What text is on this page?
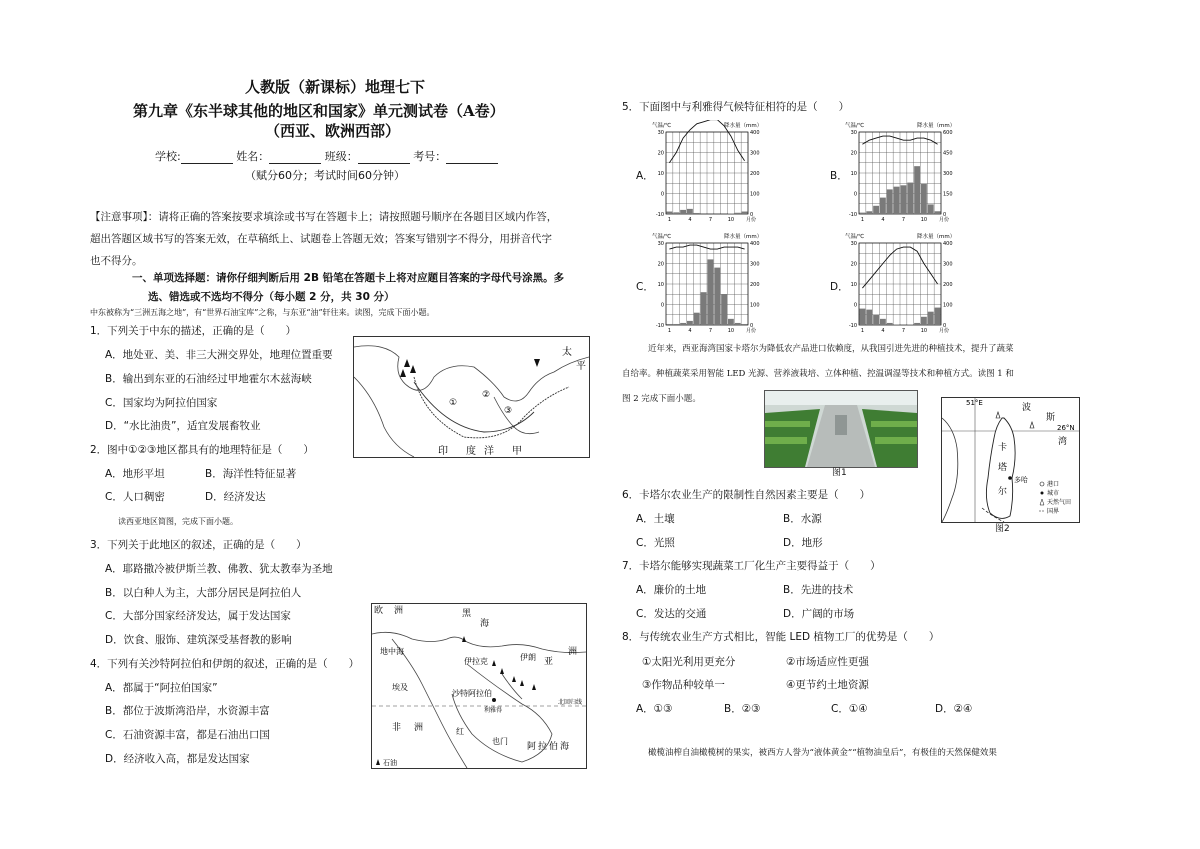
人教版（新课标）地理七下
第九章《东半球其他的地区和国家》单元测试卷（A卷）
（西亚、欧洲西部）
学校:	姓名：	班级：	考号：
（赋分60分；考试时间60分钟）
【注意事项】：请将正确的答案按要求填涂或书写在答题卡上；请按照题号顺序在各题目区域内作答，超出答题区域书写的答案无效，在草稿纸上、试题卷上答题无效；答案写错别字不得分，用拼音代字也不得分。
一、单项选择题：请你仔细判断后用 2B 铅笔在答题卡上将对应题目答案的字母代号涂黑。多
选、错选或不选均不得分（每小题 2 分，共 30 分）
中东被称为“三洲五海之地”，有“世界石油宝库”之称，与东亚“油”轩往来。读图，完成下面小题。
1．下列关于中东的描述，正确的是（　　）
A．地处亚、美、非三大洲交界处，地理位置重要
B．输出到东亚的石油经过甲地霍尔木兹海峡
C．国家均为阿拉伯国家
D．“水比油贵”，适宜发展畜牧业
2．图中①②③地区都具有的地理特征是（　　）
A．地形平坦	B．海洋性特征显著
C．人口稠密	D．经济发达
读西亚地区简图，完成下面小题。
3．下列关于此地区的叙述，正确的是（　　）
A．耶路撒冷被伊斯兰教、佛教、犹太教奉为圣地
B．以白种人为主，大部分居民是阿拉伯人
C．大部分国家经济发达，属于发达国家
D．饮食、服饰、建筑深受基督教的影响
4．下列有关沙特阿拉伯和伊朗的叙述，正确的是（　　）
A．都属于“阿拉伯国家”
B．都位于波斯湾沿岸，水资源丰富
C．石油资源丰富，都是石油出口国
D．经济收入高，都是发达国家
太
平
①
②
③
印 度 洋 甲
欧 洲	黑
海
地中海
伊拉克	伊朗 亚
洲
埃及
沙特阿拉伯
利雅得
北回归线
非 洲
也门
阿 拉 伯 海
红
石油
5．下面图中与利雅得气候特征相符的是（　　）
A．	B．
C．	D．
气温/℃	降水量（mm）
-10
0
10
20
30
0
100
200
300
400
1	4	7	10 月份
气温/℃	降水量（mm）
-10
0
10
20
30
0
150
300
450
600
1	4	7	10 月份
气温/℃	降水量（mm）
-10
0
10
20
30
0
100
200
300
400
1	4	7	10 月份
气温/℃	降水量（mm）
-10
0
10
20
30
0
100
200
300
400
1	4	7	10 月份
近年来，西亚海湾国家卡塔尔为降低农产品进口依赖度，从我国引进先进的种植技术，提升了蔬菜
自给率。种植蔬菜采用智能 LED 光源、营养液栽培、立体种植、控温调湿等技术和种植方式。读图 1 和
图 2 完成下面小题。
图1
51°E
26°N
波
斯
湾
卡
塔
尔
多哈
港口
城市
天然气田
国界
图2
6．卡塔尔农业生产的限制性自然因素主要是（　　）
A．土壤	B．水源
C．光照	D．地形
7．卡塔尔能够实现蔬菜工厂化生产主要得益于（　　）
A．廉价的土地	B．先进的技术
C．发达的交通	D．广阔的市场
8．与传统农业生产方式相比，智能 LED 植物工厂的优势是（　　）
①太阳光利用更充分	②市场适应性更强
③作物品种较单一	④更节约土地资源
A．①③	B．②③	C．①④	D．②④
橄榄油榨自油橄榄树的果实，被西方人誉为“液体黄金”“植物油皇后”，有极佳的天然保健效果
